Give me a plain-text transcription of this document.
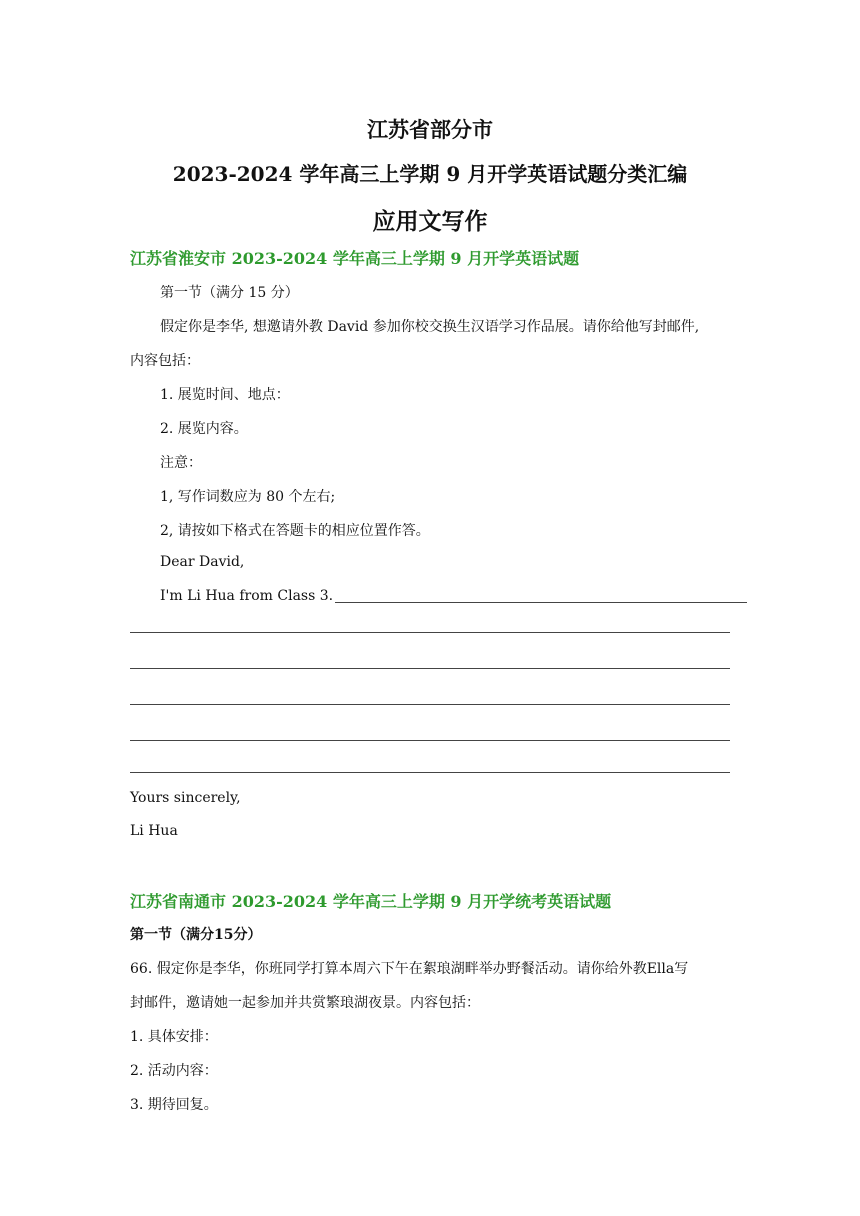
江苏省部分市
2023-2024 学年高三上学期 9 月开学英语试题分类汇编
应用文写作
江苏省淮安市 2023-2024 学年高三上学期 9 月开学英语试题
第一节（满分 15 分）
假定你是李华, 想邀请外教 David 参加你校交换生汉语学习作品展。请你给他写封邮件,
内容包括：
1. 展览时间、地点：
2. 展览内容。
注意：
1, 写作词数应为 80 个左右;
2, 请按如下格式在答题卡的相应位置作答。
Dear David,
I'm Li Hua from Class 3.
Yours sincerely,
Li Hua
江苏省南通市 2023-2024 学年高三上学期 9 月开学统考英语试题
第一节（满分15分）
66. 假定你是李华，你班同学打算本周六下午在絮琅湖畔举办野餐活动。请你给外教Ella写
封邮件，邀请她一起参加并共赏繁琅湖夜景。内容包括：
1. 具体安排：
2. 活动内容：
3. 期待回复。
